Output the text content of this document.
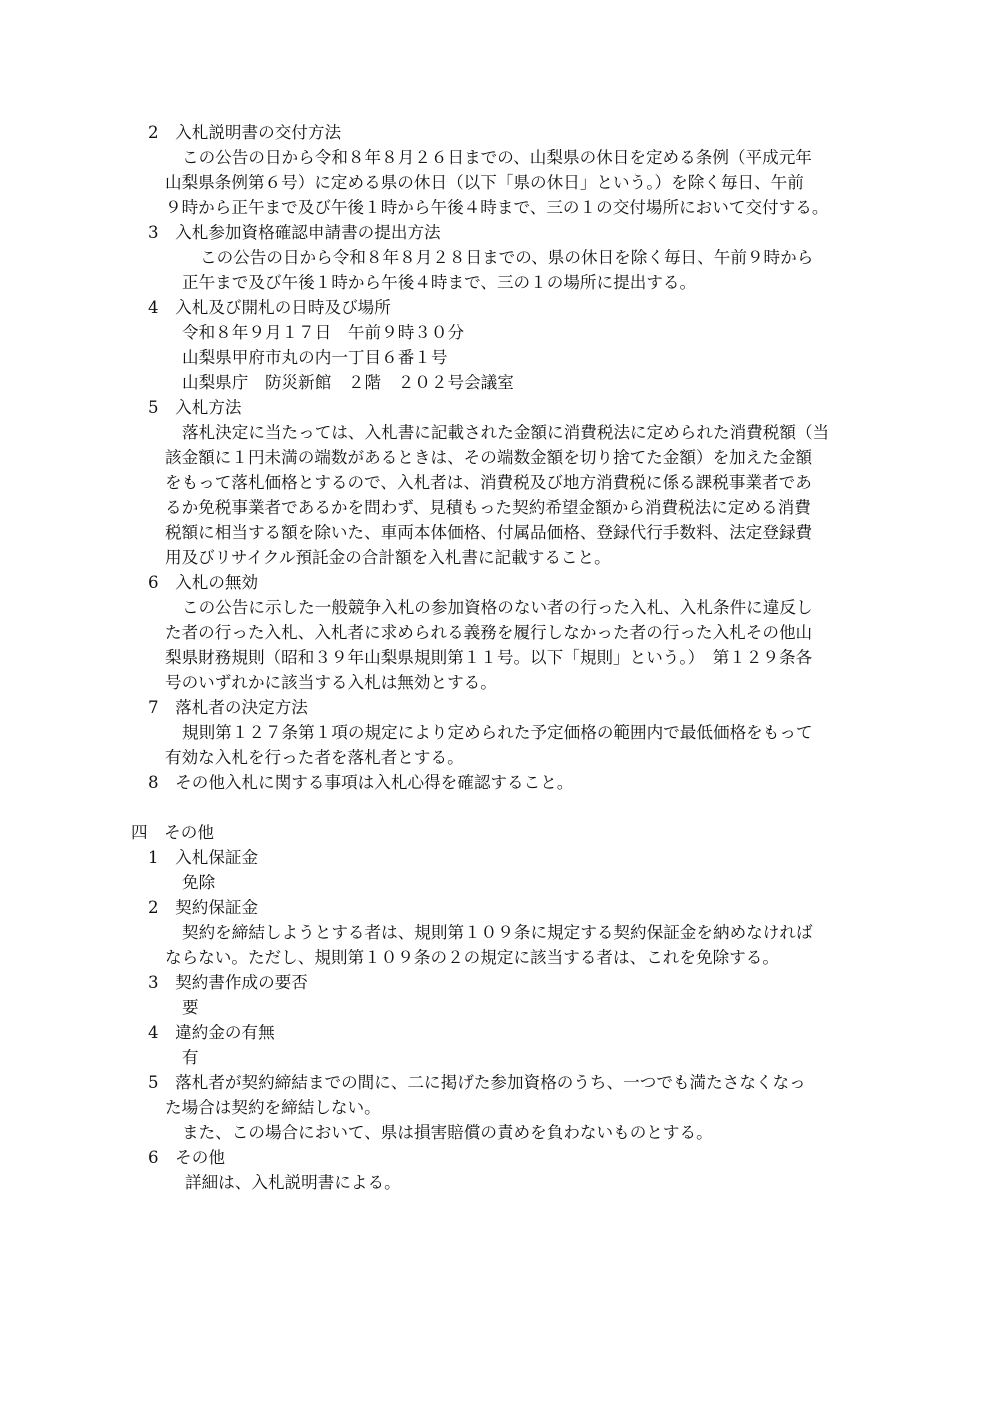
2　入札説明書の交付方法
この公告の日から令和８年８月２６日までの、山梨県の休日を定める条例（平成元年
山梨県条例第６号）に定める県の休日（以下「県の休日」という。）を除く毎日、午前
９時から正午まで及び午後１時から午後４時まで、三の１の交付場所において交付する。
3　入札参加資格確認申請書の提出方法
この公告の日から令和８年８月２８日までの、県の休日を除く毎日、午前９時から
正午まで及び午後１時から午後４時まで、三の１の場所に提出する。
4　入札及び開札の日時及び場所
令和８年９月１７日　午前９時３０分
山梨県甲府市丸の内一丁目６番１号
山梨県庁　防災新館　２階　２０２号会議室
5　入札方法
落札決定に当たっては、入札書に記載された金額に消費税法に定められた消費税額（当
該金額に１円未満の端数があるときは、その端数金額を切り捨てた金額）を加えた金額
をもって落札価格とするので、入札者は、消費税及び地方消費税に係る課税事業者であ
るか免税事業者であるかを問わず、見積もった契約希望金額から消費税法に定める消費
税額に相当する額を除いた、車両本体価格、付属品価格、登録代行手数料、法定登録費
用及びリサイクル預託金の合計額を入札書に記載すること。
6　入札の無効
この公告に示した一般競争入札の参加資格のない者の行った入札、入札条件に違反し
た者の行った入札、入札者に求められる義務を履行しなかった者の行った入札その他山
梨県財務規則（昭和３９年山梨県規則第１１号。以下「規則」という。）　第１２９条各
号のいずれかに該当する入札は無効とする。
7　落札者の決定方法
規則第１２７条第１項の規定により定められた予定価格の範囲内で最低価格をもって
有効な入札を行った者を落札者とする。
8　その他入札に関する事項は入札心得を確認すること。
四　その他
1　入札保証金
免除
2　契約保証金
契約を締結しようとする者は、規則第１０９条に規定する契約保証金を納めなければ
ならない。ただし、規則第１０９条の２の規定に該当する者は、これを免除する。
3　契約書作成の要否
要
4　違約金の有無
有
5　落札者が契約締結までの間に、二に掲げた参加資格のうち、一つでも満たさなくなっ
た場合は契約を締結しない。
また、この場合において、県は損害賠償の責めを負わないものとする。
6　その他
詳細は、入札説明書による。
